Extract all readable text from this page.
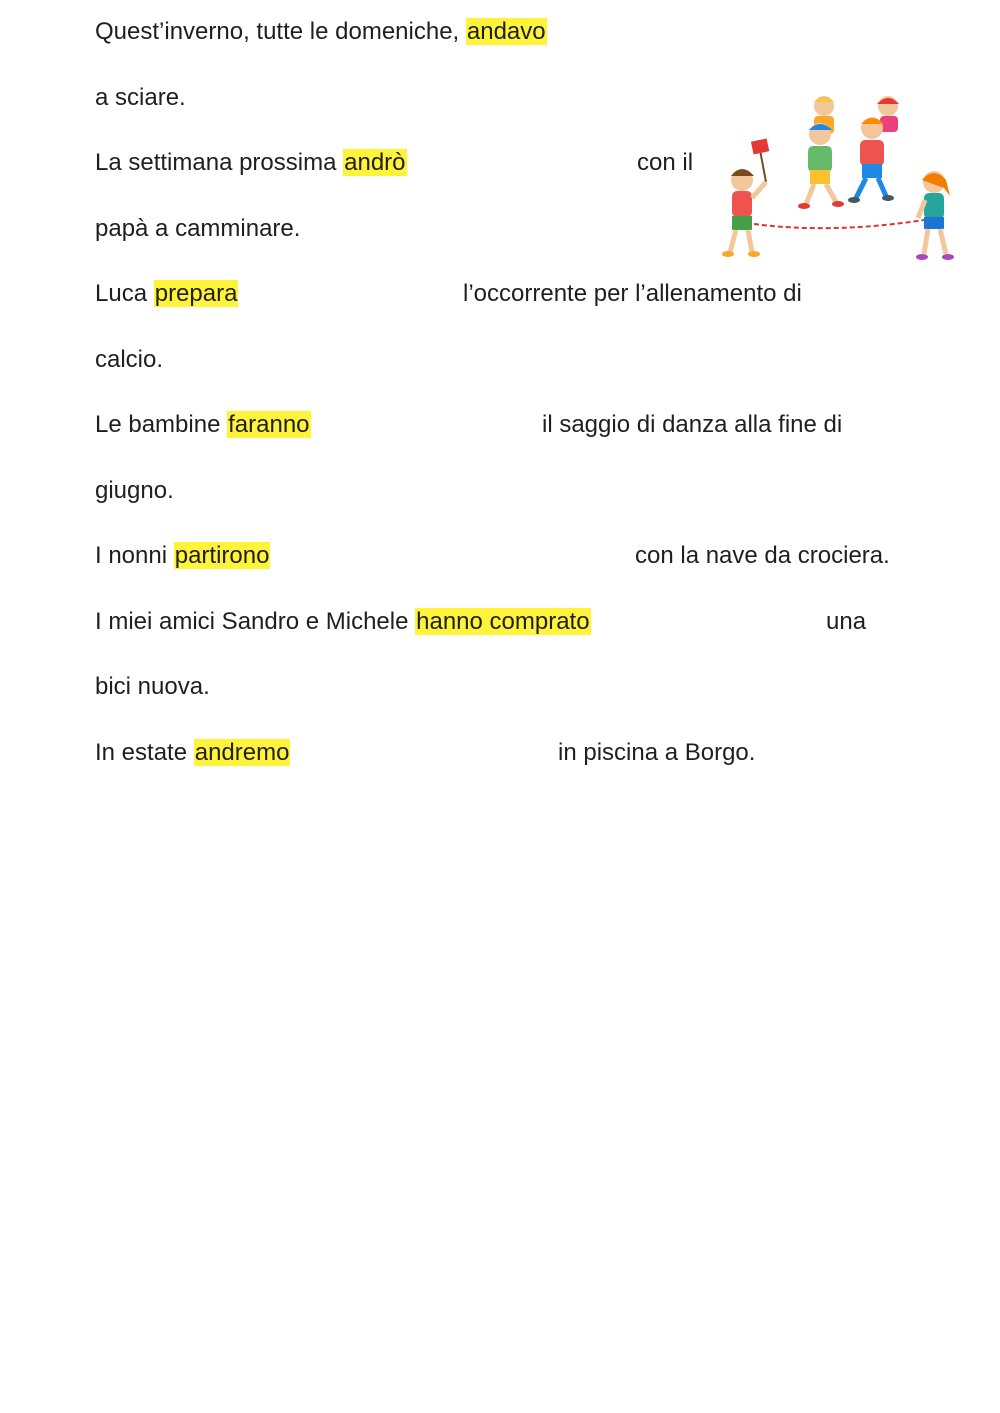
Quest’inverno, tutte le domeniche, andavo
a sciare.
La settimana prossima andrò	con il
papà a camminare.
Luca prepara	l’occorrente per l’allenamento di
calcio.
Le bambine faranno	il saggio di danza alla fine di
giugno.
I nonni partirono	con la nave da crociera.
I miei amici Sandro e Michele hanno comprato	una
bici nuova.
In estate andremo	in piscina a Borgo.
